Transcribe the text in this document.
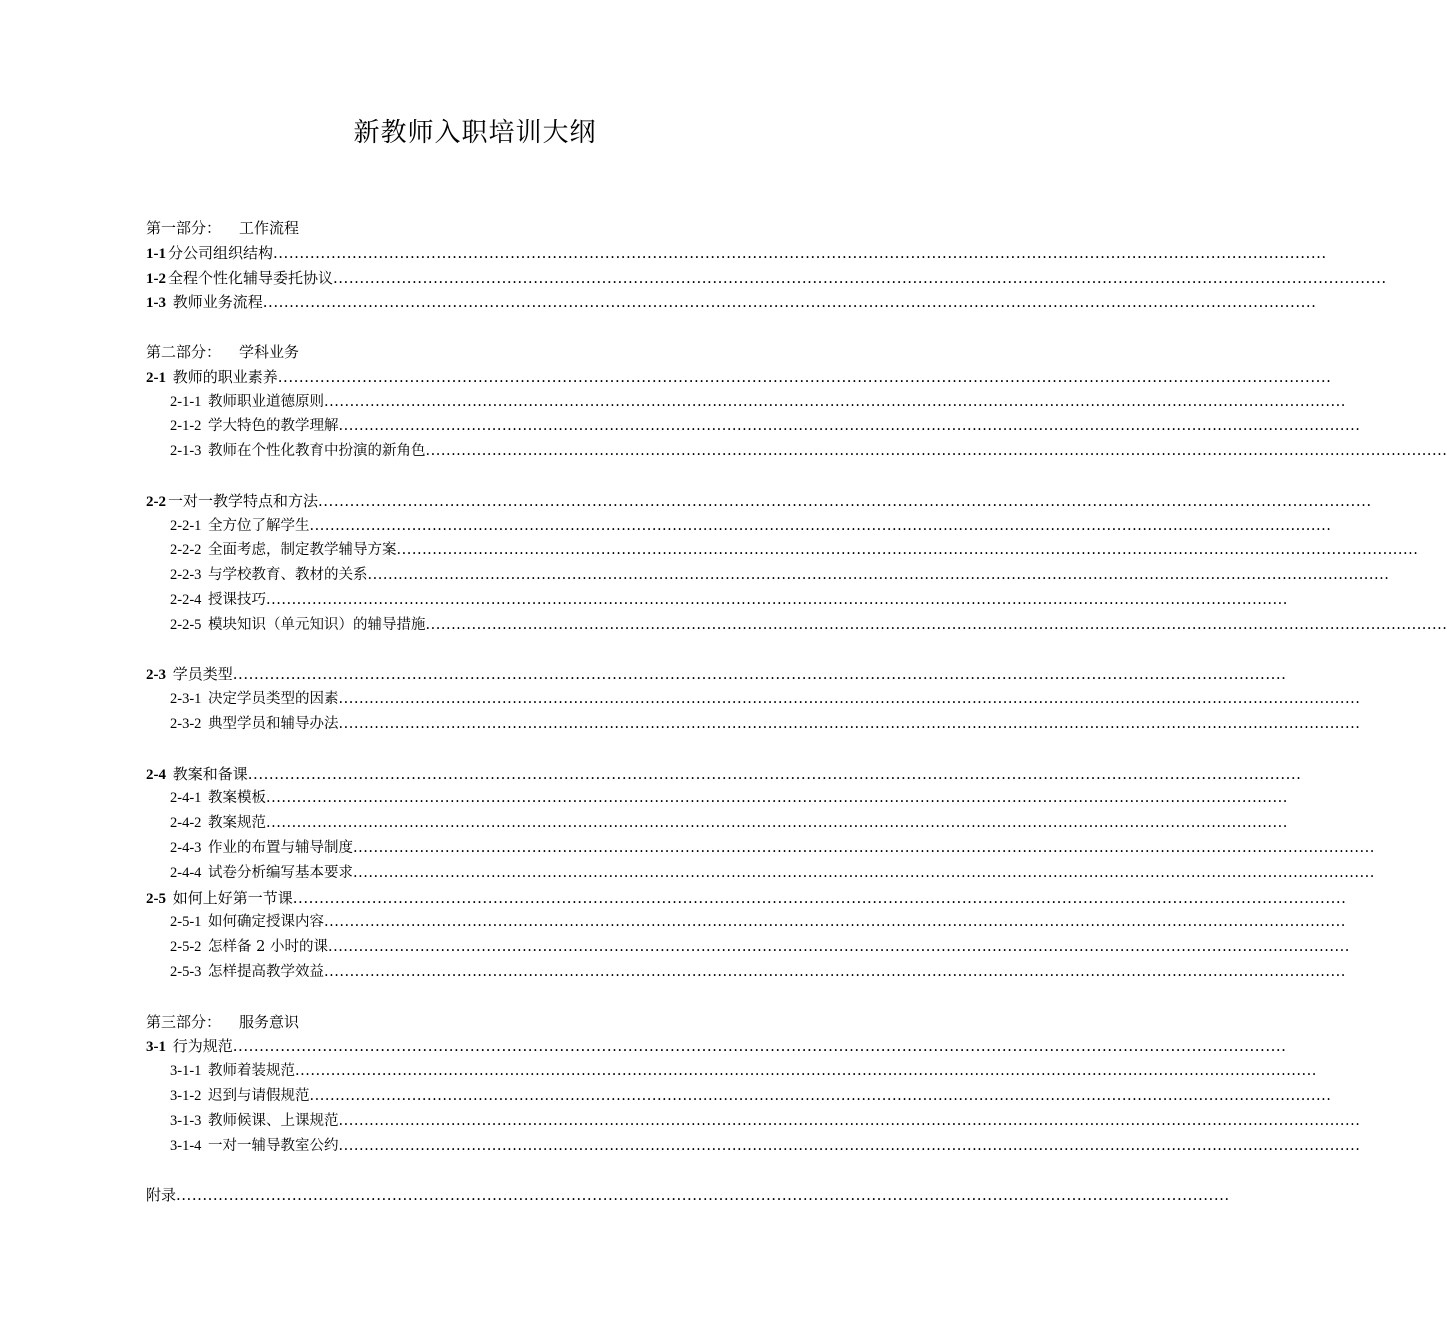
新教师入职培训大纲
第一部分： 工作流程
1-1 分公司组织结构........................................................................................................................................................................................................
1-2 全程个性化辅导委托协议........................................................................................................................................................................................................
1-3 教师业务流程........................................................................................................................................................................................................
第二部分： 学科业务
2-1 教师的职业素养........................................................................................................................................................................................................
2-1-1 教师职业道德原则........................................................................................................................................................................................................
2-1-2 学大特色的教学理解........................................................................................................................................................................................................
2-1-3 教师在个性化教育中扮演的新角色........................................................................................................................................................................................................
2-2 一对一教学特点和方法........................................................................................................................................................................................................
2-2-1 全方位了解学生........................................................................................................................................................................................................
2-2-2 全面考虑，制定教学辅导方案........................................................................................................................................................................................................
2-2-3 与学校教育、教材的关系........................................................................................................................................................................................................
2-2-4 授课技巧........................................................................................................................................................................................................
2-2-5 模块知识（单元知识）的辅导措施........................................................................................................................................................................................................
2-3 学员类型........................................................................................................................................................................................................
2-3-1 决定学员类型的因素........................................................................................................................................................................................................
2-3-2 典型学员和辅导办法........................................................................................................................................................................................................
2-4 教案和备课........................................................................................................................................................................................................
2-4-1 教案模板........................................................................................................................................................................................................
2-4-2 教案规范........................................................................................................................................................................................................
2-4-3 作业的布置与辅导制度........................................................................................................................................................................................................
2-4-4 试卷分析编写基本要求........................................................................................................................................................................................................
2-5 如何上好第一节课........................................................................................................................................................................................................
2-5-1 如何确定授课内容........................................................................................................................................................................................................
2-5-2 怎样备 2 小时的课........................................................................................................................................................................................................
2-5-3 怎样提高教学效益........................................................................................................................................................................................................
第三部分： 服务意识
3-1 行为规范........................................................................................................................................................................................................
3-1-1 教师着装规范........................................................................................................................................................................................................
3-1-2 迟到与请假规范........................................................................................................................................................................................................
3-1-3 教师候课、上课规范........................................................................................................................................................................................................
3-1-4 一对一辅导教室公约........................................................................................................................................................................................................
附录........................................................................................................................................................................................................
